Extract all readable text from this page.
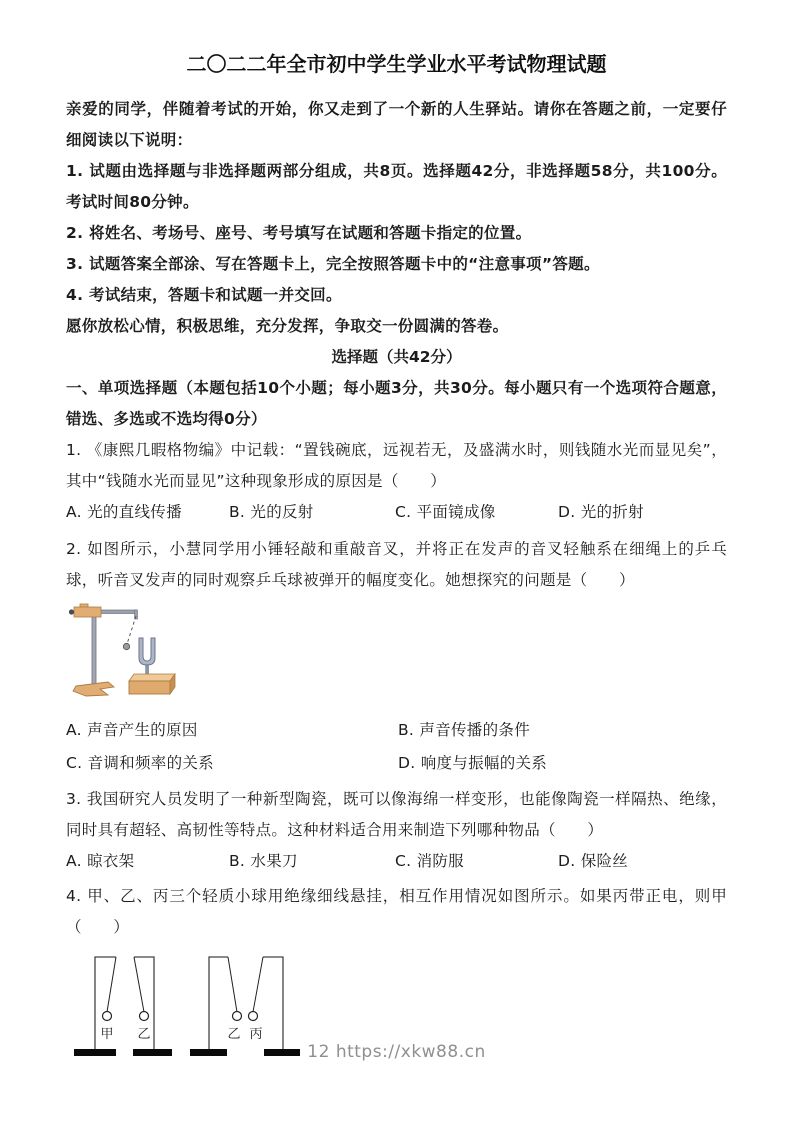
二〇二二年全市初中学生学业水平考试物理试题

亲爱的同学，伴随着考试的开始，你又走到了一个新的人生驿站。请你在答题之前，一定要仔细阅读以下说明：

1. 试题由选择题与非选择题两部分组成，共8页。选择题42分，非选择题58分，共100分。考试时间80分钟。

2. 将姓名、考场号、座号、考号填写在试题和答题卡指定的位置。

3. 试题答案全部涂、写在答题卡上，完全按照答题卡中的“注意事项”答题。

4. 考试结束，答题卡和试题一并交回。

愿你放松心情，积极思维，充分发挥，争取交一份圆满的答卷。

选择题（共42分）

一、单项选择题（本题包括10个小题；每小题3分，共30分。每小题只有一个选项符合题意，错选、多选或不选均得0分）

1. 《康熙几暇格物编》中记载：“置钱碗底，远视若无，及盛满水时，则钱随水光而显见矣”，其中“钱随水光而显见”这种现象形成的原因是（　　）

A. 光的直线传播	B. 光的反射	C. 平面镜成像	D. 光的折射

2. 如图所示，小慧同学用小锤轻敲和重敲音叉，并将正在发声的音叉轻触系在细绳上的乒乓球，听音叉发声的同时观察乒乓球被弹开的幅度变化。她想探究的问题是（　　）

A. 声音产生的原因	B. 声音传播的条件
C. 音调和频率的关系	D. 响度与振幅的关系

3. 我国研究人员发明了一种新型陶瓷，既可以像海绵一样变形，也能像陶瓷一样隔热、绝缘，同时具有超轻、高韧性等特点。这种材料适合用来制造下列哪种物品（　　）

A. 晾衣架	B. 水果刀	C. 消防服	D. 保险丝

4. 甲、乙、丙三个轻质小球用绝缘细线悬挂，相互作用情况如图所示。如果丙带正电，则甲（　　）

甲 乙	乙 丙
12 https://xkw88.cn
